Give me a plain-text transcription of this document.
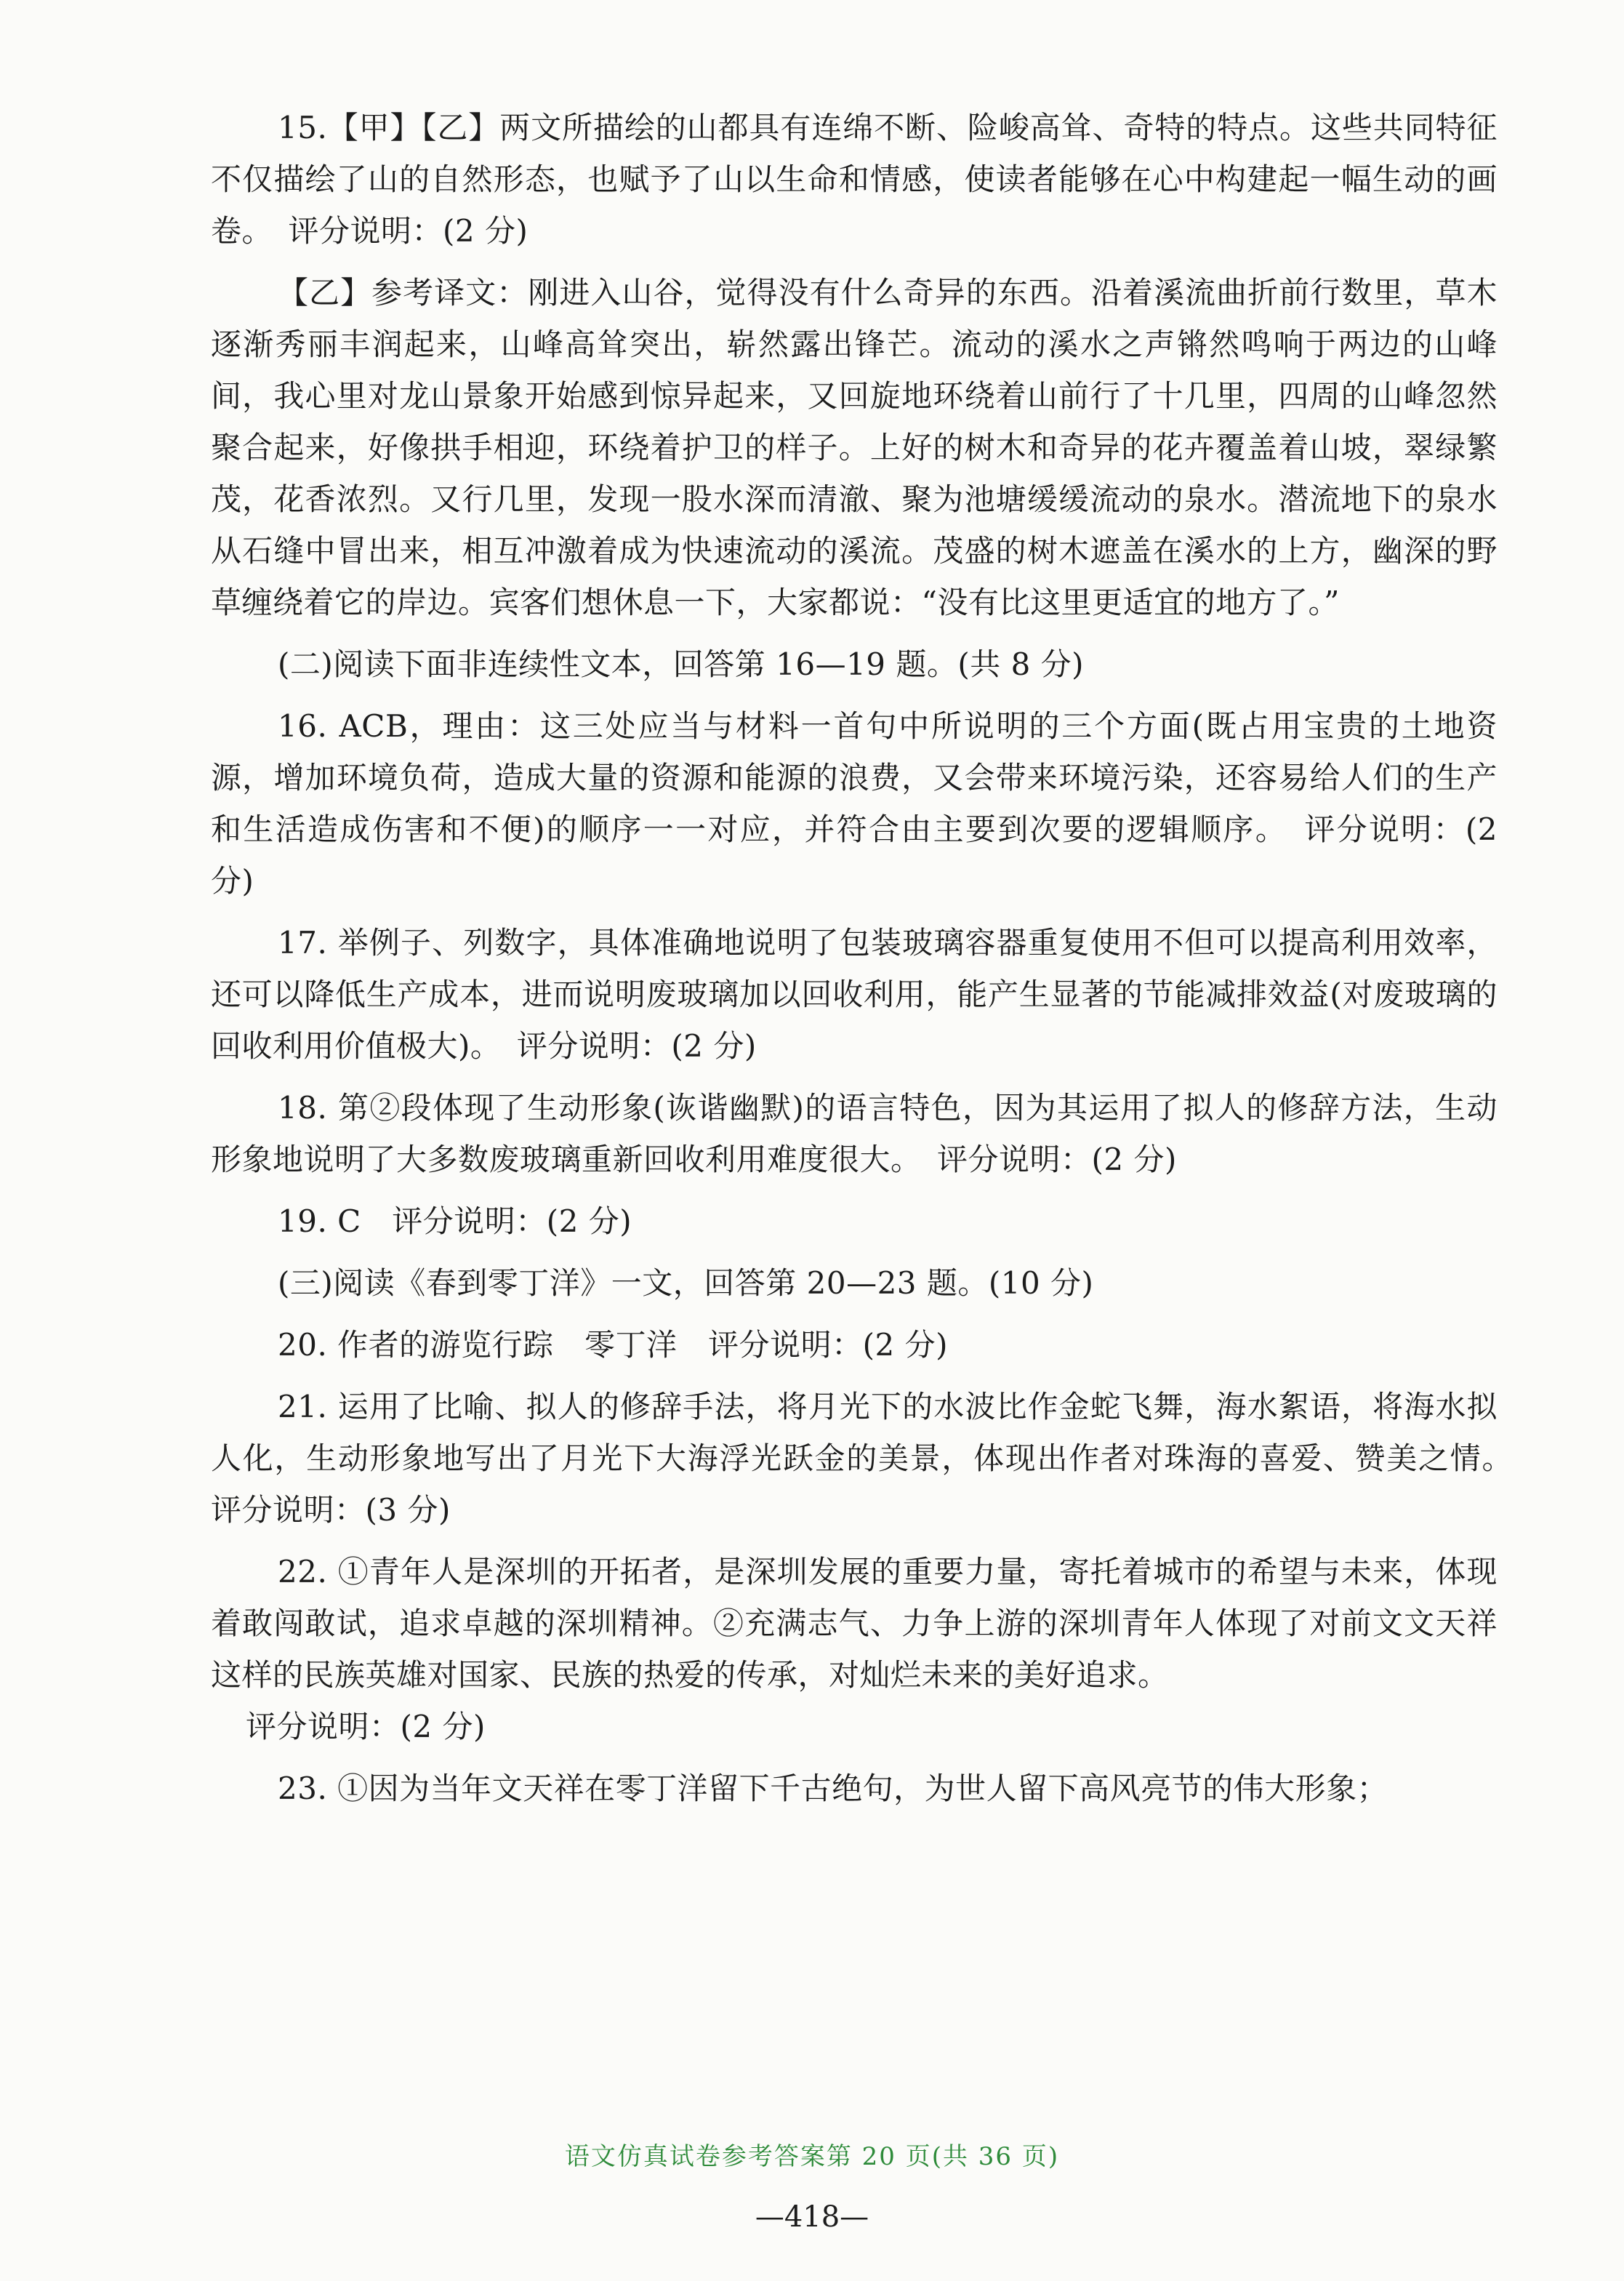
15.【甲】【乙】两文所描绘的山都具有连绵不断、险峻高耸、奇特的特点。这些共同特征不仅描绘了山的自然形态，也赋予了山以生命和情感，使读者能够在心中构建起一幅生动的画卷。　评分说明：(2 分)

【乙】参考译文：刚进入山谷，觉得没有什么奇异的东西。沿着溪流曲折前行数里，草木逐渐秀丽丰润起来，山峰高耸突出，崭然露出锋芒。流动的溪水之声锵然鸣响于两边的山峰间，我心里对龙山景象开始感到惊异起来，又回旋地环绕着山前行了十几里，四周的山峰忽然聚合起来，好像拱手相迎，环绕着护卫的样子。上好的树木和奇异的花卉覆盖着山坡，翠绿繁茂，花香浓烈。又行几里，发现一股水深而清澈、聚为池塘缓缓流动的泉水。潜流地下的泉水从石缝中冒出来，相互冲激着成为快速流动的溪流。茂盛的树木遮盖在溪水的上方，幽深的野草缠绕着它的岸边。宾客们想休息一下，大家都说：“没有比这里更适宜的地方了。”

(二)阅读下面非连续性文本，回答第 16—19 题。(共 8 分)

16. ACB，理由：这三处应当与材料一首句中所说明的三个方面(既占用宝贵的土地资源，增加环境负荷，造成大量的资源和能源的浪费，又会带来环境污染，还容易给人们的生产和生活造成伤害和不便)的顺序一一对应，并符合由主要到次要的逻辑顺序。　评分说明：(2 分)

17. 举例子、列数字，具体准确地说明了包装玻璃容器重复使用不但可以提高利用效率，还可以降低生产成本，进而说明废玻璃加以回收利用，能产生显著的节能减排效益(对废玻璃的回收利用价值极大)。　评分说明：(2 分)

18. 第②段体现了生动形象(诙谐幽默)的语言特色，因为其运用了拟人的修辞方法，生动形象地说明了大多数废玻璃重新回收利用难度很大。　评分说明：(2 分)

19. C　评分说明：(2 分)

(三)阅读《春到零丁洋》一文，回答第 20—23 题。(10 分)

20. 作者的游览行踪　零丁洋　评分说明：(2 分)

21. 运用了比喻、拟人的修辞手法，将月光下的水波比作金蛇飞舞，海水絮语，将海水拟人化，生动形象地写出了月光下大海浮光跃金的美景，体现出作者对珠海的喜爱、赞美之情。　评分说明：(3 分)

22. ①青年人是深圳的开拓者，是深圳发展的重要力量，寄托着城市的希望与未来，体现着敢闯敢试，追求卓越的深圳精神。②充满志气、力争上游的深圳青年人体现了对前文文天祥这样的民族英雄对国家、民族的热爱的传承，对灿烂未来的美好追求。

评分说明：(2 分)

23. ①因为当年文天祥在零丁洋留下千古绝句，为世人留下高风亮节的伟大形象；

语文仿真试卷参考答案第 20 页(共 36 页)
—418—
